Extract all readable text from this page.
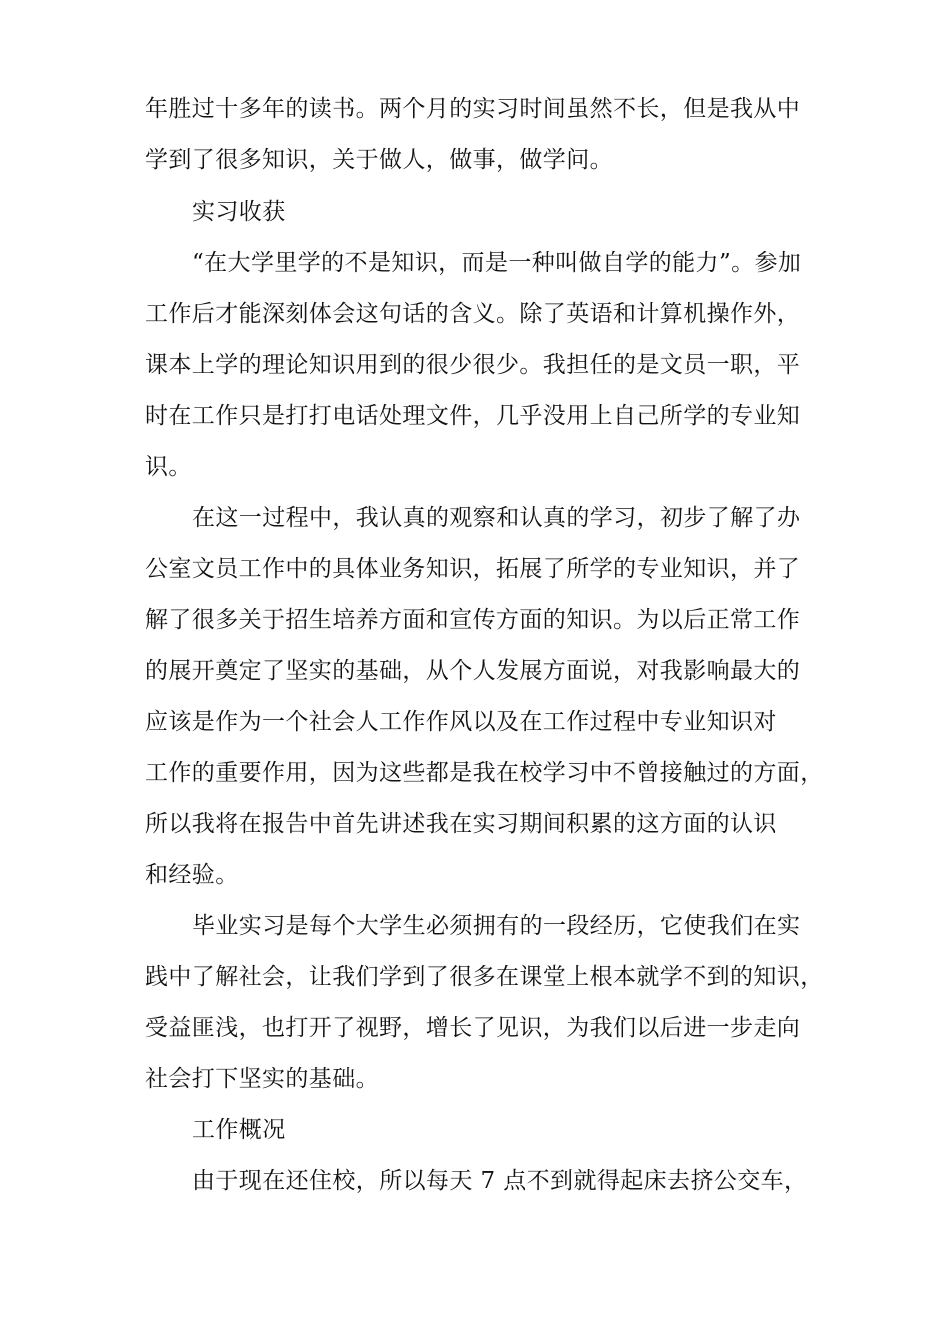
年胜过十多年的读书。两个月的实习时间虽然不长，但是我从中
学到了很多知识，关于做人，做事，做学问。
实习收获
“在大学里学的不是知识，而是一种叫做自学的能力”。参加
工作后才能深刻体会这句话的含义。除了英语和计算机操作外，
课本上学的理论知识用到的很少很少。我担任的是文员一职，平
时在工作只是打打电话处理文件，几乎没用上自己所学的专业知
识。
在这一过程中，我认真的观察和认真的学习，初步了解了办
公室文员工作中的具体业务知识，拓展了所学的专业知识，并了
解了很多关于招生培养方面和宣传方面的知识。为以后正常工作
的展开奠定了坚实的基础，从个人发展方面说，对我影响最大的
应该是作为一个社会人工作作风以及在工作过程中专业知识对
工作的重要作用，因为这些都是我在校学习中不曾接触过的方面，
所以我将在报告中首先讲述我在实习期间积累的这方面的认识
和经验。
毕业实习是每个大学生必须拥有的一段经历，它使我们在实
践中了解社会，让我们学到了很多在课堂上根本就学不到的知识，
受益匪浅，也打开了视野，增长了见识，为我们以后进一步走向
社会打下坚实的基础。
工作概况
由于现在还住校，所以每天 7 点不到就得起床去挤公交车，
